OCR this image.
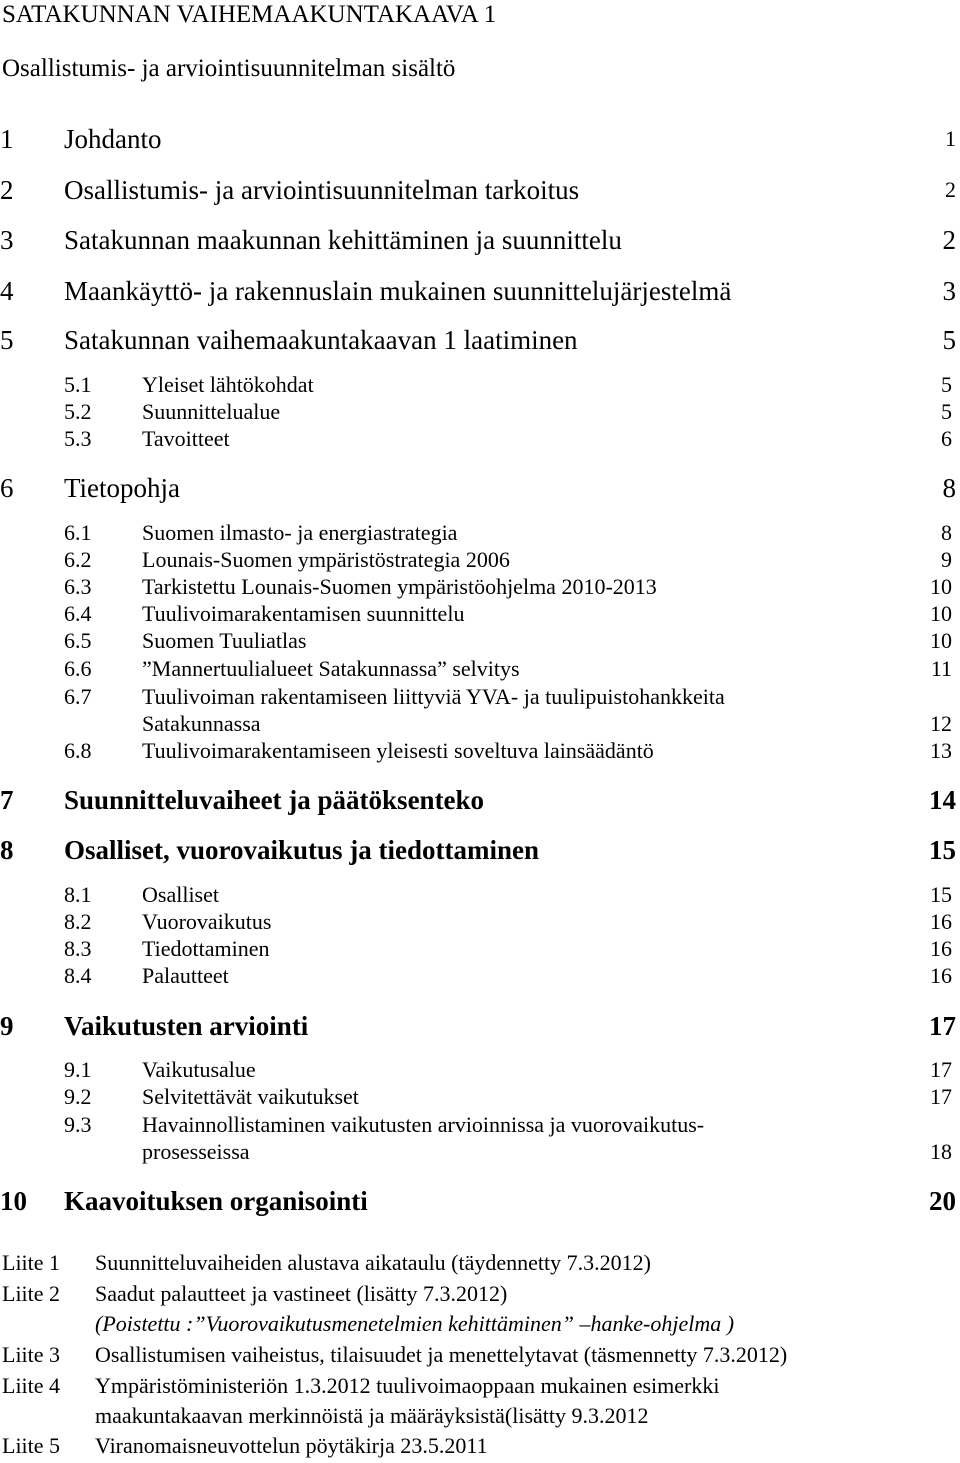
SATAKUNNAN VAIHEMAAKUNTAKAAVA 1
Osallistumis- ja arviointisuunnitelman sisältö
1 Johdanto	1
2 Osallistumis- ja arviointisuunnitelman tarkoitus	2
3 Satakunnan maakunnan kehittäminen ja suunnittelu	2
4 Maankäyttö- ja rakennuslain mukainen suunnittelujärjestelmä	3
5 Satakunnan vaihemaakuntakaavan 1 laatiminen	5
5.1 Yleiset lähtökohdat	5
5.2 Suunnittelualue	5
5.3 Tavoitteet	6
6 Tietopohja	8
6.1 Suomen ilmasto- ja energiastrategia	8
6.2 Lounais-Suomen ympäristöstrategia 2006	9
6.3 Tarkistettu Lounais-Suomen ympäristöohjelma 2010-2013	10
6.4 Tuulivoimarakentamisen suunnittelu	10
6.5 Suomen Tuuliatlas	10
6.6 ”Mannertuulialueet Satakunnassa” selvitys	11
6.7 Tuulivoiman rakentamiseen liittyviä YVA- ja tuulipuistohankkeita
Satakunnassa	12
6.8 Tuulivoimarakentamiseen yleisesti soveltuva lainsäädäntö	13
7 Suunnitteluvaiheet ja päätöksenteko	14
8 Osalliset, vuorovaikutus ja tiedottaminen	15
8.1 Osalliset	15
8.2 Vuorovaikutus	16
8.3 Tiedottaminen	16
8.4 Palautteet	16
9 Vaikutusten arviointi	17
9.1 Vaikutusalue	17
9.2 Selvitettävät vaikutukset	17
9.3 Havainnollistaminen vaikutusten arvioinnissa ja vuorovaikutus-
prosesseissa	18
10 Kaavoituksen organisointi	20
Liite 1 Suunnitteluvaiheiden alustava aikataulu (täydennetty 7.3.2012)
Liite 2 Saadut palautteet ja vastineet (lisätty 7.3.2012)
(Poistettu :”Vuorovaikutusmenetelmien kehittäminen” –hanke-ohjelma )
Liite 3 Osallistumisen vaiheistus, tilaisuudet ja menettelytavat (täsmennetty 7.3.2012)
Liite 4 Ympäristöministeriön 1.3.2012 tuulivoimaoppaan mukainen esimerkki
maakuntakaavan merkinnöistä ja määräyksistä(lisätty 9.3.2012
Liite 5 Viranomaisneuvottelun pöytäkirja 23.5.2011
